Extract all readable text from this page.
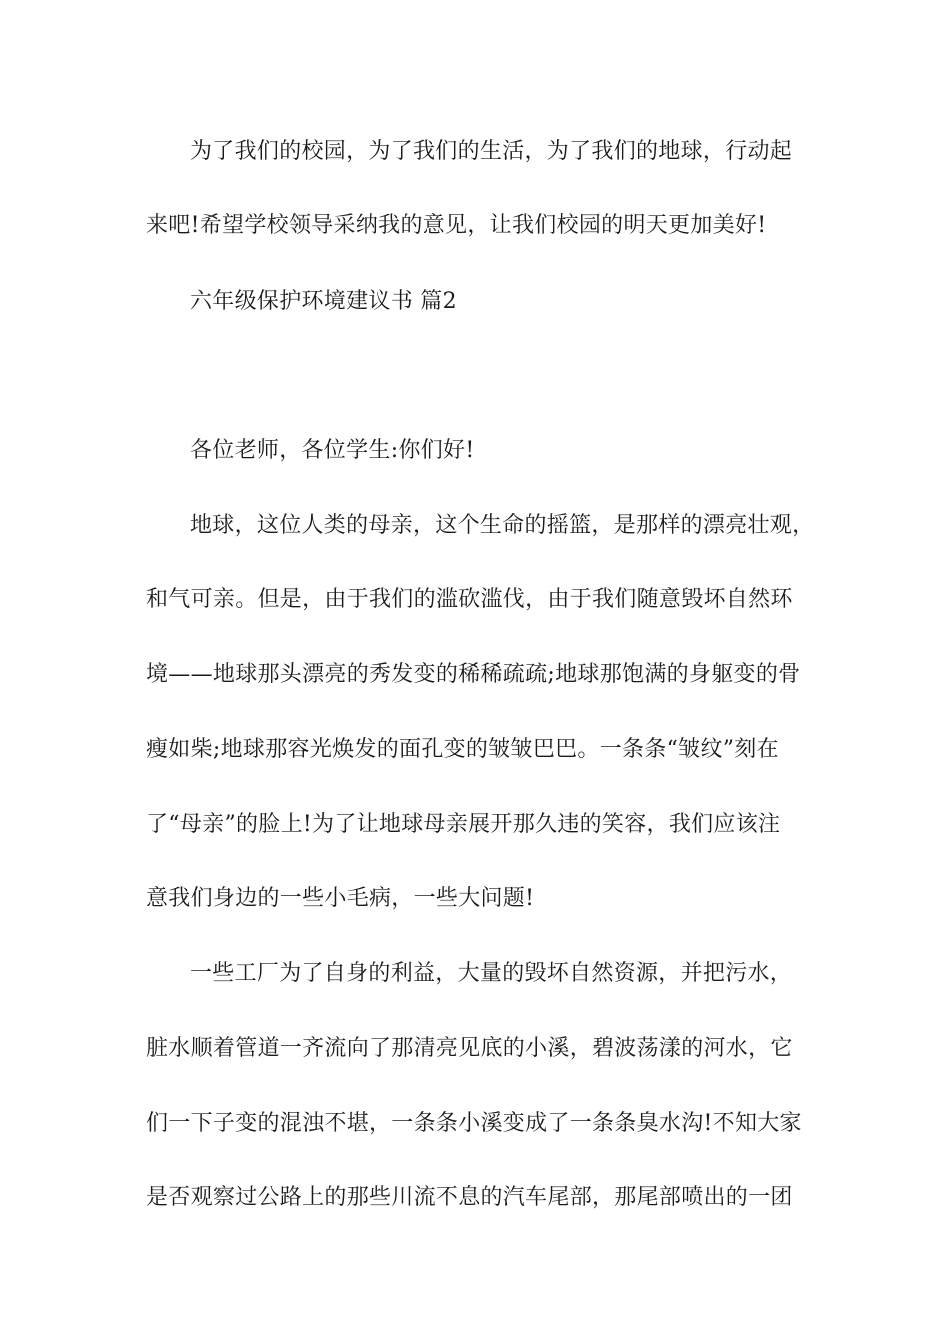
为了我们的校园，为了我们的生活，为了我们的地球，行动起
来吧!希望学校领导采纳我的意见，让我们校园的明天更加美好!
六年级保护环境建议书 篇2
各位老师，各位学生:你们好!
地球，这位人类的母亲，这个生命的摇篮，是那样的漂亮壮观，
和气可亲。但是，由于我们的滥砍滥伐，由于我们随意毁坏自然环
境——地球那头漂亮的秀发变的稀稀疏疏;地球那饱满的身躯变的骨
瘦如柴;地球那容光焕发的面孔变的皱皱巴巴。一条条“皱纹”刻在
了“母亲”的脸上!为了让地球母亲展开那久违的笑容，我们应该注
意我们身边的一些小毛病，一些大问题!
一些工厂为了自身的利益，大量的毁坏自然资源，并把污水，
脏水顺着管道一齐流向了那清亮见底的小溪，碧波荡漾的河水，它
们一下子变的混浊不堪，一条条小溪变成了一条条臭水沟!不知大家
是否观察过公路上的那些川流不息的汽车尾部，那尾部喷出的一团
